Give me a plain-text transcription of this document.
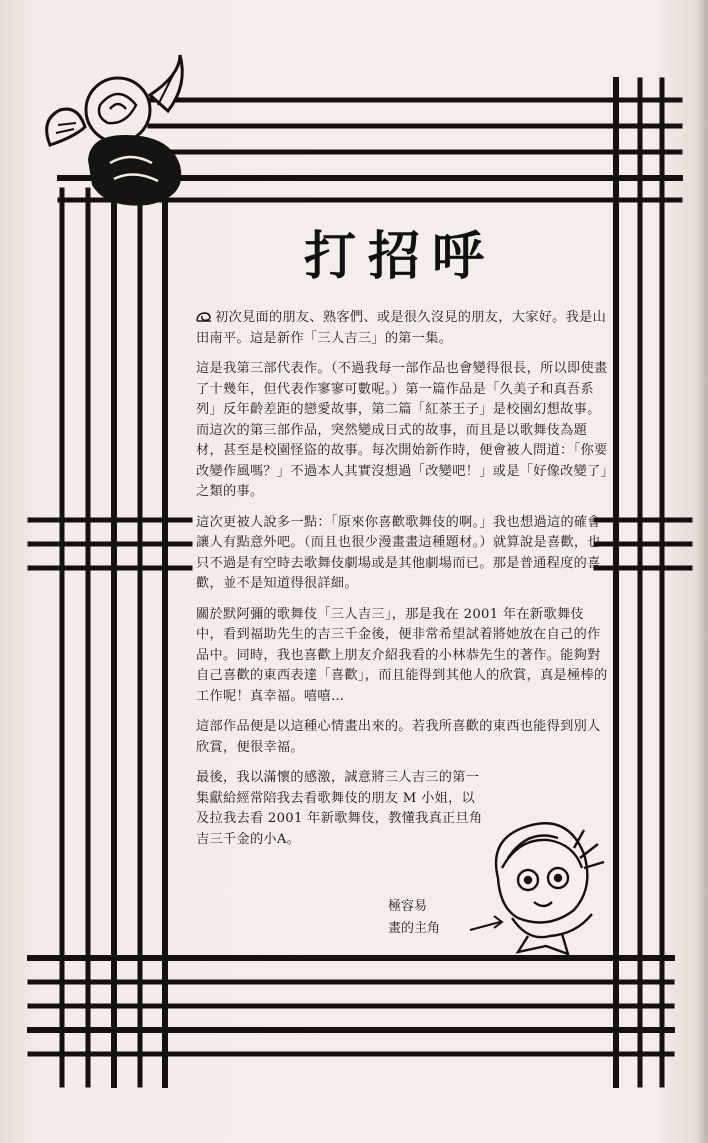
打招呼

初次見面的朋友、熟客們、或是很久沒見的朋友，大家好。我是山田南平。這是新作「三人吉三」的第一集。

這是我第三部代表作。（不過我每一部作品也會變得很長，所以即使畫了十幾年，但代表作寥寥可數呢。）第一篇作品是「久美子和真吾系列」反年齡差距的戀愛故事，第二篇「紅茶王子」是校園幻想故事。而這次的第三部作品，突然變成日式的故事，而且是以歌舞伎為題材，甚至是校園怪盜的故事。每次開始新作時，便會被人問道：「你要改變作風嗎？」不過本人其實沒想過「改變吧！」或是「好像改變了」之類的事。

這次更被人說多一點：「原來你喜歡歌舞伎的啊。」我也想過這的確會讓人有點意外吧。（而且也很少漫畫畫這種題材。）就算說是喜歡，也只不過是有空時去歌舞伎劇場或是其他劇場而已。那是普通程度的喜歡，並不是知道得很詳細。

關於默阿彌的歌舞伎「三人吉三」，那是我在 2001 年在新歌舞伎中，看到福助先生的吉三千金後，便非常希望試着將她放在自己的作品中。同時，我也喜歡上朋友介紹我看的小林恭先生的著作。能夠對自己喜歡的東西表達「喜歡」，而且能得到其他人的欣賞，真是極棒的工作呢！真幸福。嘻嘻…

這部作品便是以這種心情畫出來的。若我所喜歡的東西也能得到別人欣賞，便很幸福。

最後，我以滿懷的感激，誠意將三人吉三的第一集獻給經常陪我去看歌舞伎的朋友 M 小姐，以及拉我去看 2001 年新歌舞伎，教懂我真正旦角吉三千金的小A。

極容易
畫的主角
